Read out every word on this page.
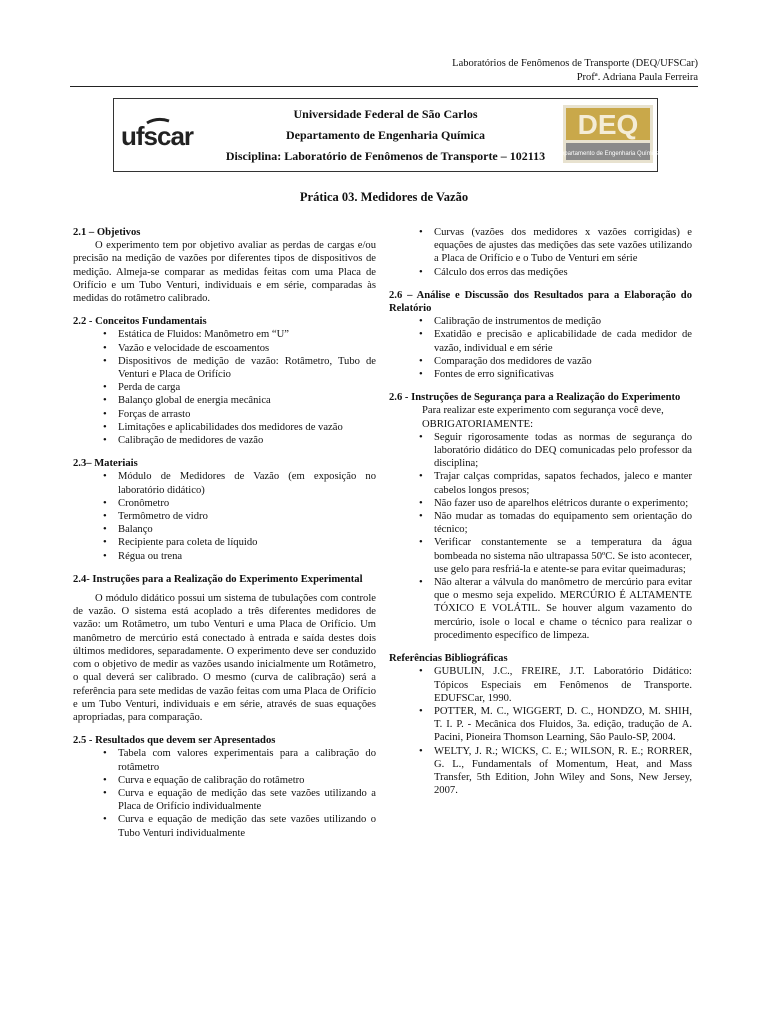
Laboratórios de Fenômenos de Transporte (DEQ/UFSCar)
Profª. Adriana Paula Ferreira
ufscar
Universidade Federal de São Carlos
Departamento de Engenharia Química
Disciplina: Laboratório de Fenômenos de Transporte – 102113
DEQ
Departamento de Engenharia Química
Prática 03. Medidores de Vazão
2.1 – Objetivos

O experimento tem por objetivo avaliar as perdas de cargas e/ou precisão na medição de vazões por diferentes tipos de dispositivos de medição. Almeja-se comparar as medidas feitas com uma Placa de Orifício e um Tubo Venturi, individuais e em série, comparadas às medidas do rotâmetro calibrado.

2.2 - Conceitos Fundamentais
• Estática de Fluidos: Manômetro em “U”
• Vazão e velocidade de escoamentos
• Dispositivos de medição de vazão: Rotâmetro, Tubo de Venturi e Placa de Orifício
• Perda de carga
• Balanço global de energia mecânica
• Forças de arrasto
• Limitações e aplicabilidades dos medidores de vazão
• Calibração de medidores de vazão
2.3– Materiais
• Módulo de Medidores de Vazão (em exposição no laboratório didático)
• Cronômetro
• Termômetro de vidro
• Balanço
• Recipiente para coleta de líquido
• Régua ou trena
2.4- Instruções para a Realização do Experimento Experimental

O módulo didático possui um sistema de tubulações com controle de vazão. O sistema está acoplado a três diferentes medidores de vazão: um Rotâmetro, um tubo Venturi e uma Placa de Orifício. Um manômetro de mercúrio está conectado à entrada e saída destes dois últimos medidores, separadamente. O experimento deve ser conduzido com o objetivo de medir as vazões usando inicialmente um Rotâmetro, o qual deverá ser calibrado. O mesmo (curva de calibração) será a referência para sete medidas de vazão feitas com uma Placa de Orifício e um Tubo Venturi, individuais e em série, através de suas equações apropriadas, para comparação.

2.5 - Resultados que devem ser Apresentados
• Tabela com valores experimentais para a calibração do rotâmetro
• Curva e equação de calibração do rotâmetro
• Curva e equação de medição das sete vazões utilizando a Placa de Orifício individualmente
• Curva e equação de medição das sete vazões utilizando o Tubo Venturi individualmente
• Curvas (vazões dos medidores x vazões corrigidas) e equações de ajustes das medições das sete vazões utilizando a Placa de Orifício e o Tubo de Venturi em série
• Cálculo dos erros das medições
2.6 – Análise e Discussão dos Resultados para a Elaboração do Relatório
• Calibração de instrumentos de medição
• Exatidão e precisão e aplicabilidade de cada medidor de vazão, individual e em série
• Comparação dos medidores de vazão
• Fontes de erro significativas
2.6 - Instruções de Segurança para a Realização do Experimento
Para realizar este experimento com segurança você deve,
OBRIGATORIAMENTE:
• Seguir rigorosamente todas as normas de segurança do laboratório didático do DEQ comunicadas pelo professor da disciplina;
• Trajar calças compridas, sapatos fechados, jaleco e manter cabelos longos presos;
• Não fazer uso de aparelhos elétricos durante o experimento;
• Não mudar as tomadas do equipamento sem orientação do técnico;
• Verificar constantemente se a temperatura da água bombeada no sistema não ultrapassa 50ºC. Se isto acontecer, use gelo para resfriá-la e atente-se para evitar queimaduras;
• Não alterar a válvula do manômetro de mercúrio para evitar que o mesmo seja expelido. MERCÚRIO É ALTAMENTE TÓXICO E VOLÁTIL. Se houver algum vazamento do mercúrio, isole o local e chame o técnico para realizar o procedimento específico de limpeza.
Referências Bibliográficas
• GUBULIN, J.C., FREIRE, J.T. Laboratório Didático: Tópicos Especiais em Fenômenos de Transporte. EDUFSCar, 1990.
• POTTER, M. C., WIGGERT, D. C., HONDZO, M. SHIH, T. I. P. - Mecânica dos Fluidos, 3a. edição, tradução de A. Pacini, Pioneira Thomson Learning, São Paulo-SP, 2004.
• WELTY, J. R.; WICKS, C. E.; WILSON, R. E.; RORRER, G. L., Fundamentals of Momentum, Heat, and Mass Transfer, 5th Edition, John Wiley and Sons, New Jersey, 2007.
